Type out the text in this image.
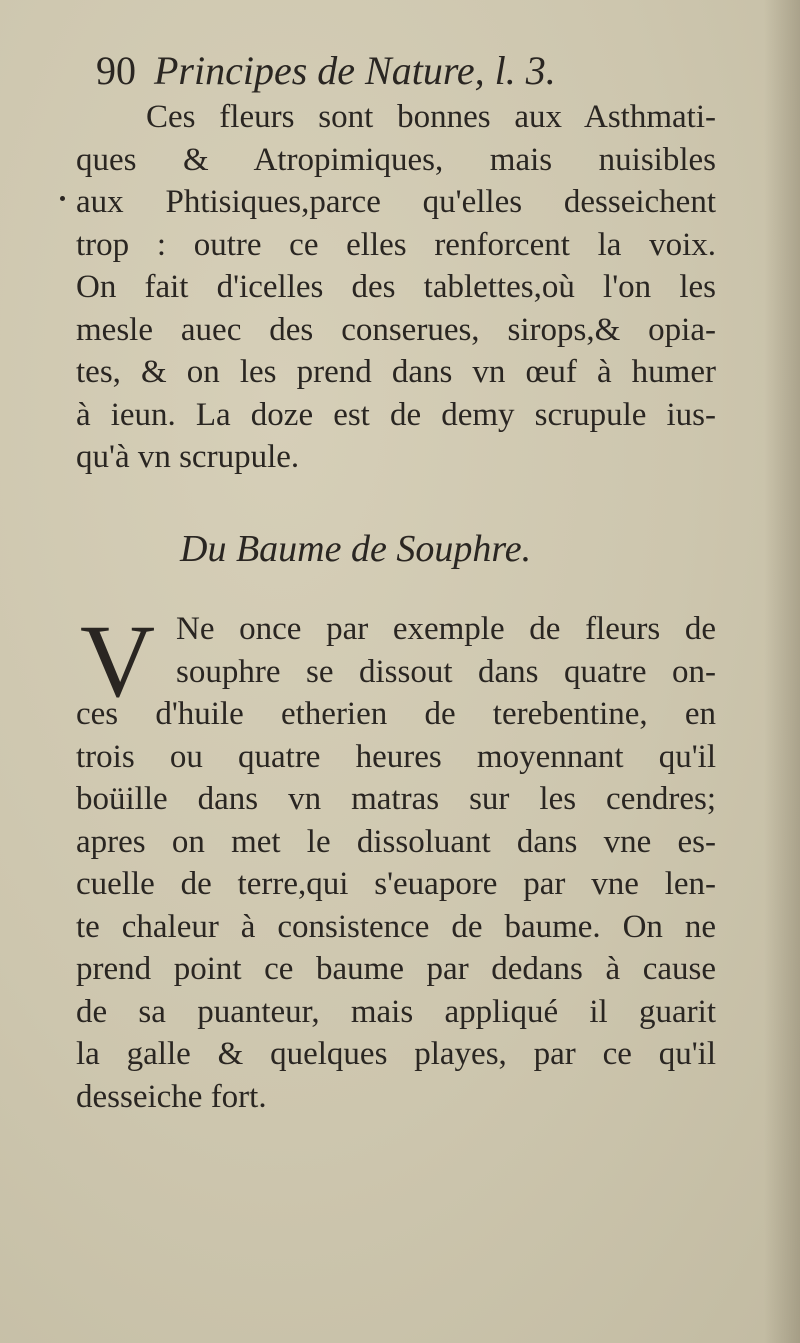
90 Principes de Nature, l. 3.
Ces fleurs sont bonnes aux Asthmati-
ques & Atropimiques, mais nuisibles
aux Phtisiques,parce qu'elles desseichent
trop : outre ce elles renforcent la voix.
On fait d'icelles des tablettes,où l'on les
mesle auec des conserues, sirops,& opia-
tes, & on les prend dans vn œuf à humer
à ieun. La doze est de demy scrupule ius-
qu'à vn scrupule.
Du Baume de Souphre.
V Ne once par exemple de fleurs de
souphre se dissout dans quatre on-
ces d'huile etherien de terebentine, en
trois ou quatre heures moyennant qu'il
boüille dans vn matras sur les cendres;
apres on met le dissoluant dans vne es-
cuelle de terre,qui s'euapore par vne len-
te chaleur à consistence de baume. On ne
prend point ce baume par dedans à cause
de sa puanteur, mais appliqué il guarit
la galle & quelques playes, par ce qu'il
desseiche fort.
